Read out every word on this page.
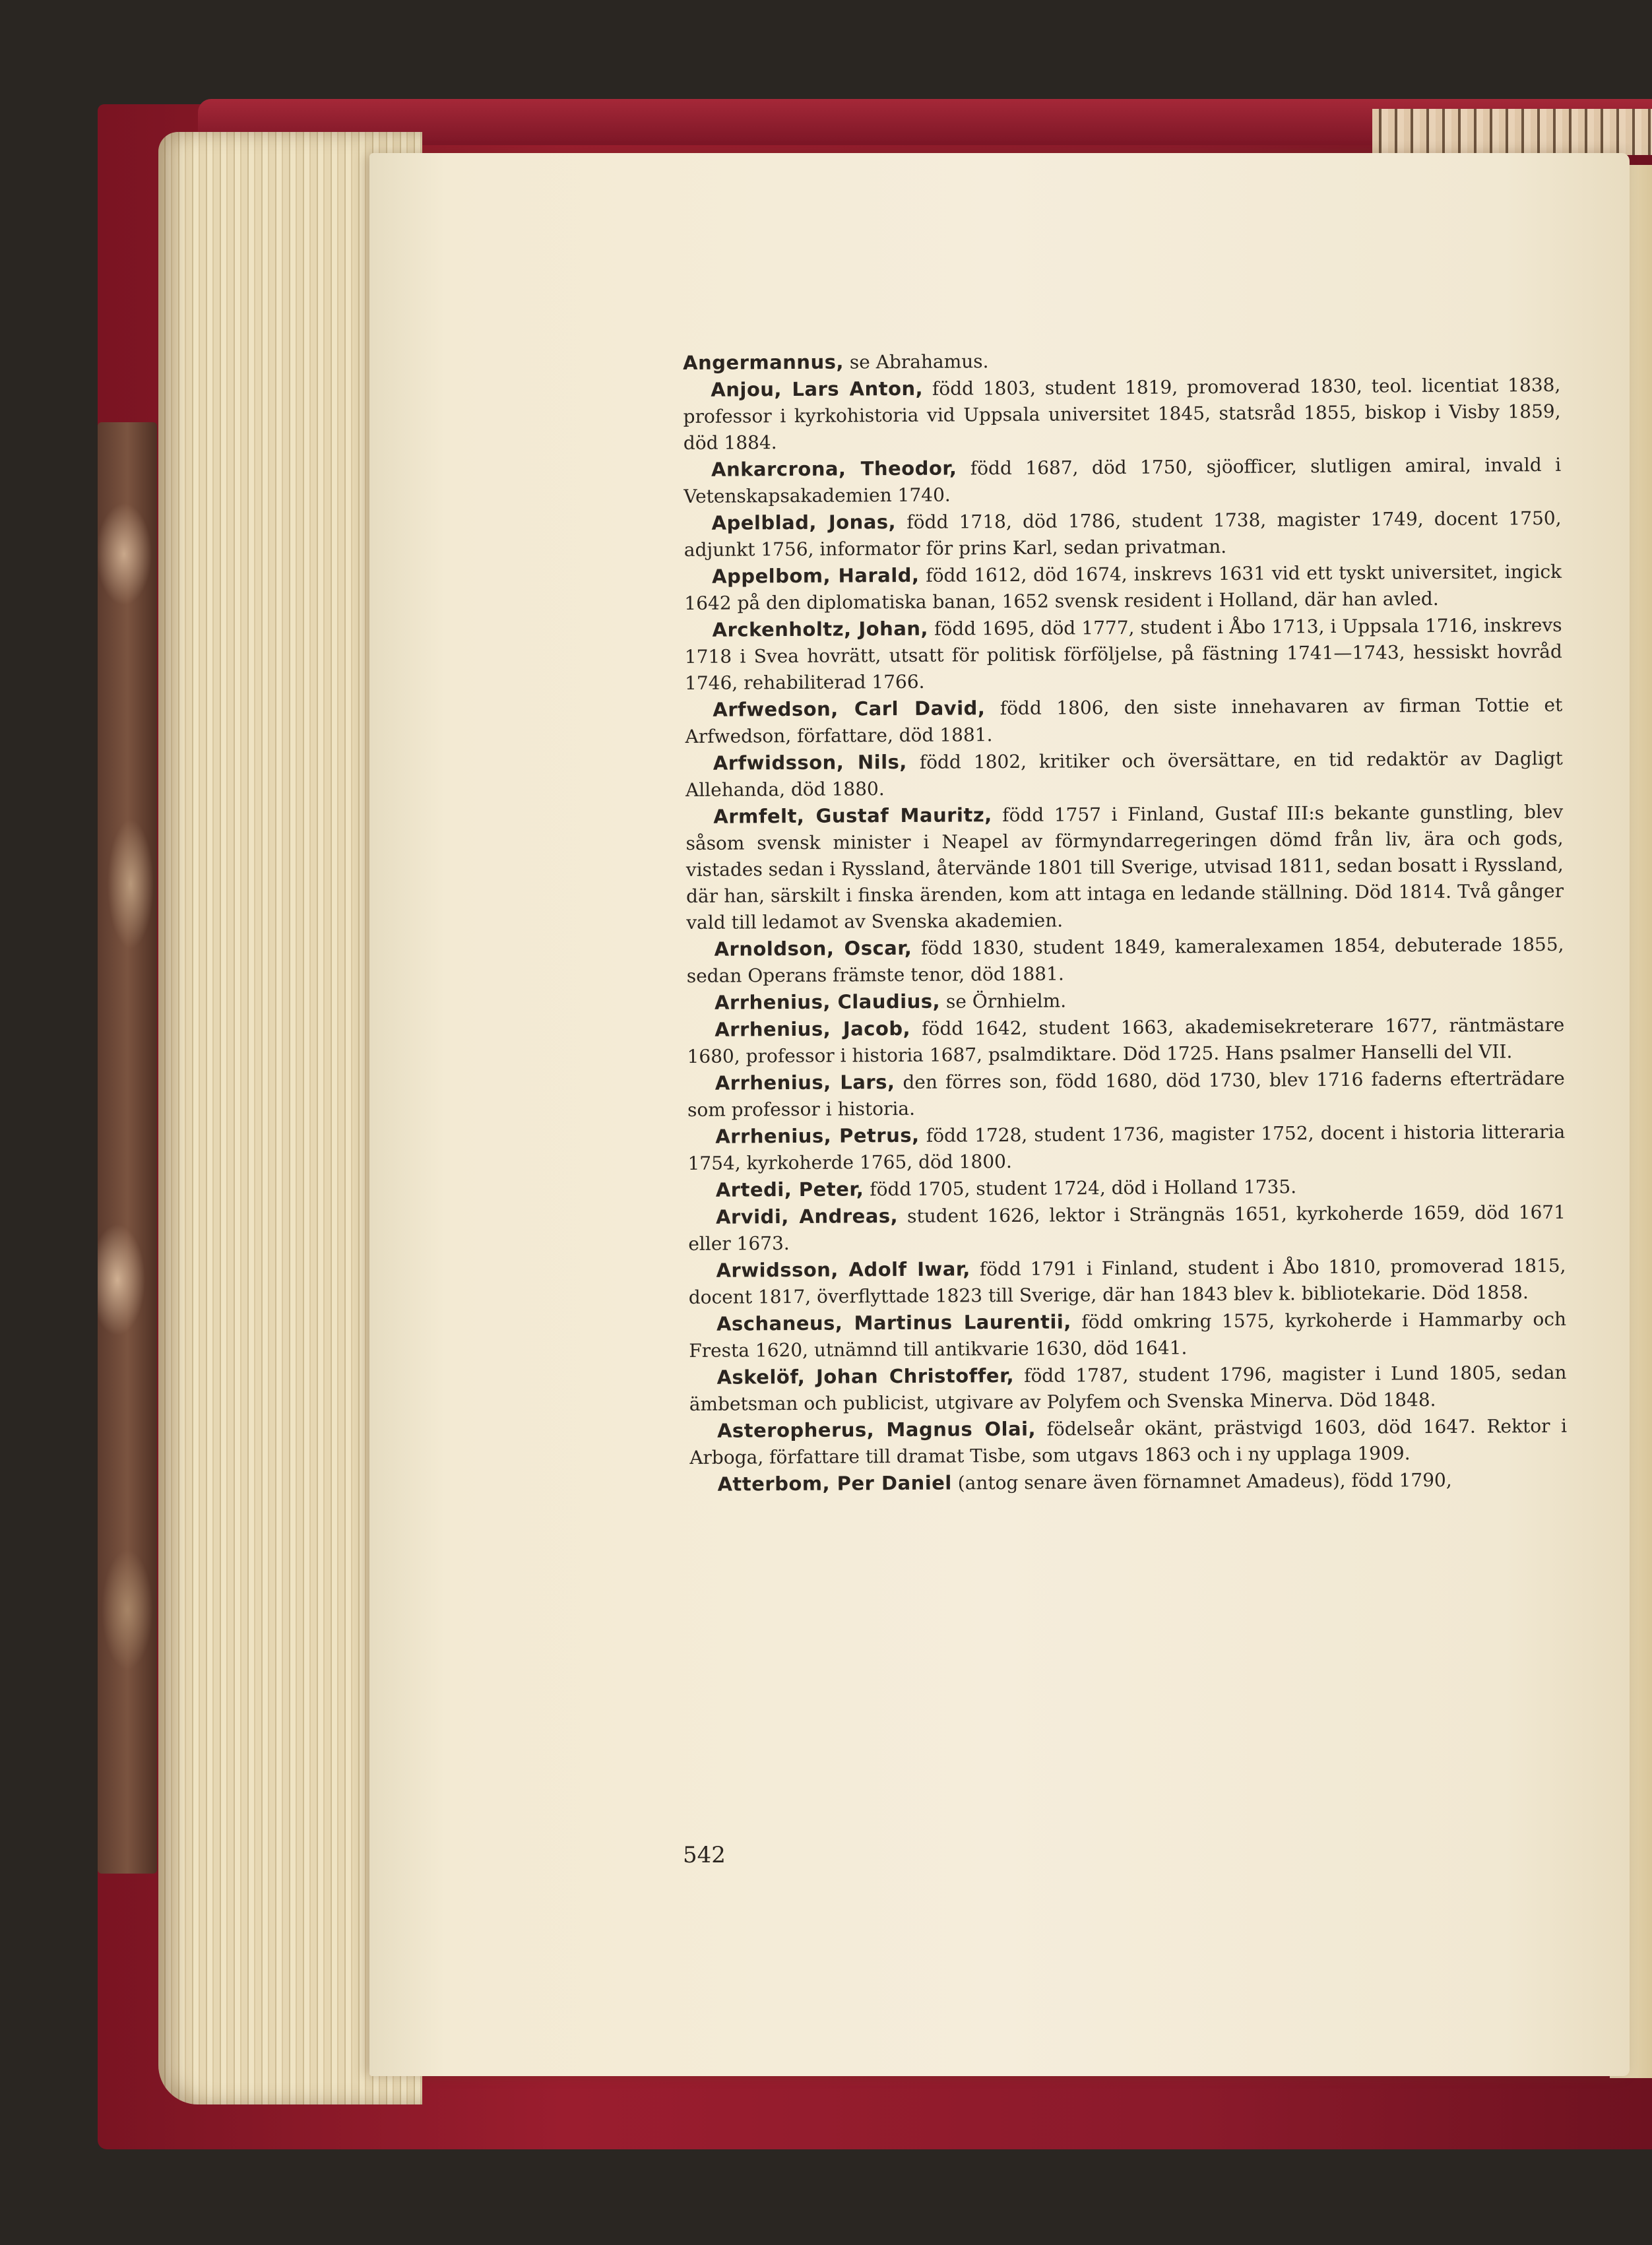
Angermannus, se Abrahamus.

Anjou, Lars Anton, född 1803, student 1819, promoverad 1830, teol. licentiat 1838, professor i kyrkohistoria vid Uppsala universitet 1845, statsråd 1855, biskop i Visby 1859, död 1884.

Ankarcrona, Theodor, född 1687, död 1750, sjöofficer, slutligen amiral, invald i Vetenskapsakademien 1740.

Apelblad, Jonas, född 1718, död 1786, student 1738, magister 1749, docent 1750, adjunkt 1756, informator för prins Karl, sedan privatman.

Appelbom, Harald, född 1612, död 1674, inskrevs 1631 vid ett tyskt universitet, ingick 1642 på den diplomatiska banan, 1652 svensk resident i Holland, där han avled.

Arckenholtz, Johan, född 1695, död 1777, student i Åbo 1713, i Uppsala 1716, inskrevs 1718 i Svea hovrätt, utsatt för politisk förföljelse, på fästning 1741—1743, hessiskt hovråd 1746, rehabiliterad 1766.

Arfwedson, Carl David, född 1806, den siste innehavaren av firman Tottie et Arfwedson, författare, död 1881.

Arfwidsson, Nils, född 1802, kritiker och översättare, en tid redaktör av Dagligt Allehanda, död 1880.

Armfelt, Gustaf Mauritz, född 1757 i Finland, Gustaf III:s bekante gunstling, blev såsom svensk minister i Neapel av förmyndarregeringen dömd från liv, ära och gods, vistades sedan i Ryssland, återvände 1801 till Sverige, utvisad 1811, sedan bosatt i Ryssland, där han, särskilt i finska ärenden, kom att intaga en ledande ställning. Död 1814. Två gånger vald till ledamot av Svenska akademien.

Arnoldson, Oscar, född 1830, student 1849, kameralexamen 1854, debuterade 1855, sedan Operans främste tenor, död 1881.

Arrhenius, Claudius, se Örnhielm.

Arrhenius, Jacob, född 1642, student 1663, akademisekreterare 1677, räntmästare 1680, professor i historia 1687, psalmdiktare. Död 1725. Hans psalmer Hanselli del VII.

Arrhenius, Lars, den förres son, född 1680, död 1730, blev 1716 faderns efterträdare som professor i historia.

Arrhenius, Petrus, född 1728, student 1736, magister 1752, docent i historia litteraria 1754, kyrkoherde 1765, död 1800.

Artedi, Peter, född 1705, student 1724, död i Holland 1735.

Arvidi, Andreas, student 1626, lektor i Strängnäs 1651, kyrkoherde 1659, död 1671 eller 1673.

Arwidsson, Adolf Iwar, född 1791 i Finland, student i Åbo 1810, promoverad 1815, docent 1817, överflyttade 1823 till Sverige, där han 1843 blev k. bibliotekarie. Död 1858.

Aschaneus, Martinus Laurentii, född omkring 1575, kyrkoherde i Hammarby och Fresta 1620, utnämnd till antikvarie 1630, död 1641.

Askelöf, Johan Christoffer, född 1787, student 1796, magister i Lund 1805, sedan ämbetsman och publicist, utgivare av Polyfem och Svenska Minerva. Död 1848.

Asteropherus, Magnus Olai, födelseår okänt, prästvigd 1603, död 1647. Rektor i Arboga, författare till dramat Tisbe, som utgavs 1863 och i ny upplaga 1909.

Atterbom, Per Daniel (antog senare även förnamnet Amadeus), född 1790,

542
